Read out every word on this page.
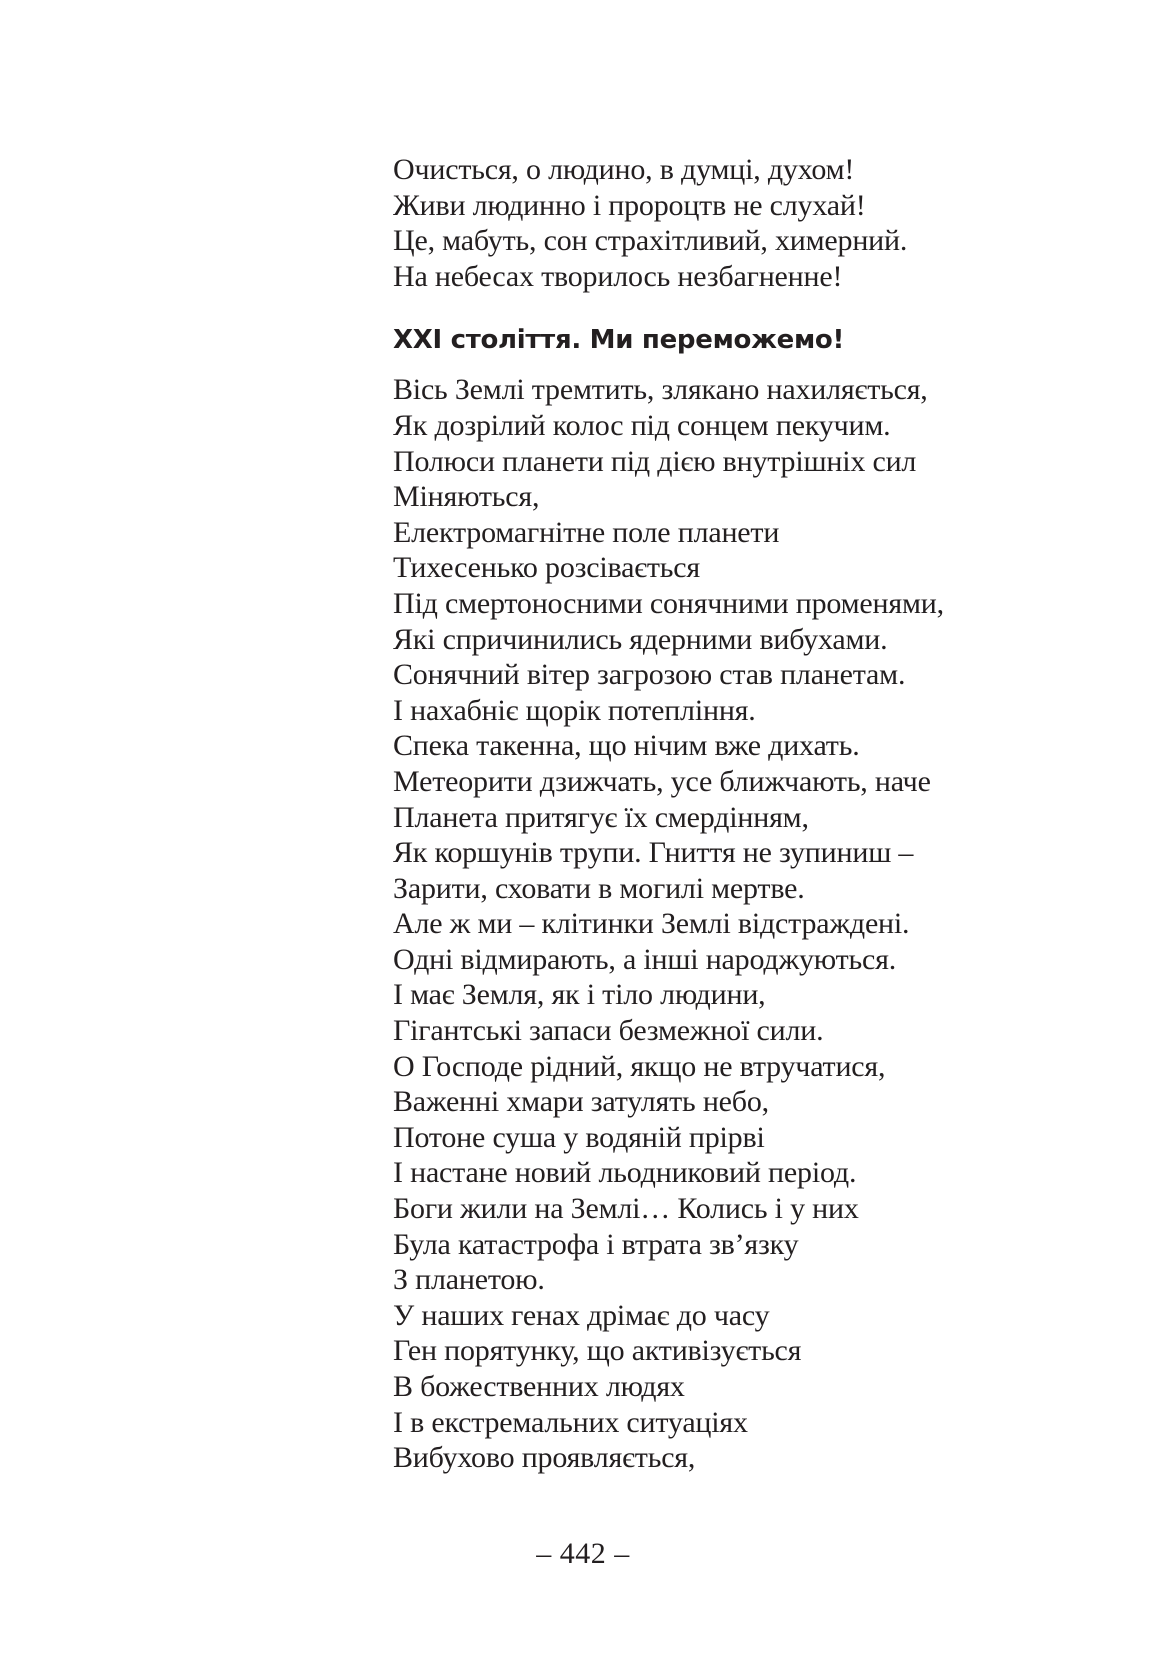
Очисться, о людино, в думці, духом!
Живи людинно і пророцтв не слухай!
Це, мабуть, сон страхітливий, химерний.
На небесах творилось незбагненне!
XXI століття. Ми переможемо!
Вісь Землі тремтить, злякано нахиляється,
Як дозрілий колос під сонцем пекучим.
Полюси планети під дією внутрішніх сил
Міняються,
Електромагнітне поле планети
Тихесенько розсівається
Під смертоносними сонячними променями,
Які спричинились ядерними вибухами.
Сонячний вітер загрозою став планетам.
І нахабніє щорік потепління.
Спека такенна, що нічим вже дихать.
Метеорити дзижчать, усе ближчають, наче
Планета притягує їх смердінням,
Як коршунів трупи. Гниття не зупиниш –
Зарити, сховати в могилі мертве.
Але ж ми – клітинки Землі відстраждені.
Одні відмирають, а інші народжуються.
І має Земля, як і тіло людини,
Гігантські запаси безмежної сили.
О Господе рідний, якщо не втручатися,
Важенні хмари затулять небо,
Потоне суша у водяній прірві
І настане новий льодниковий період.
Боги жили на Землі… Колись і у них
Була катастрофа і втрата зв’язку
З планетою.
У наших генах дрімає до часу
Ген порятунку, що активізується
В божественних людях
І в екстремальних ситуаціях
Вибухово проявляється,
– 442 –
